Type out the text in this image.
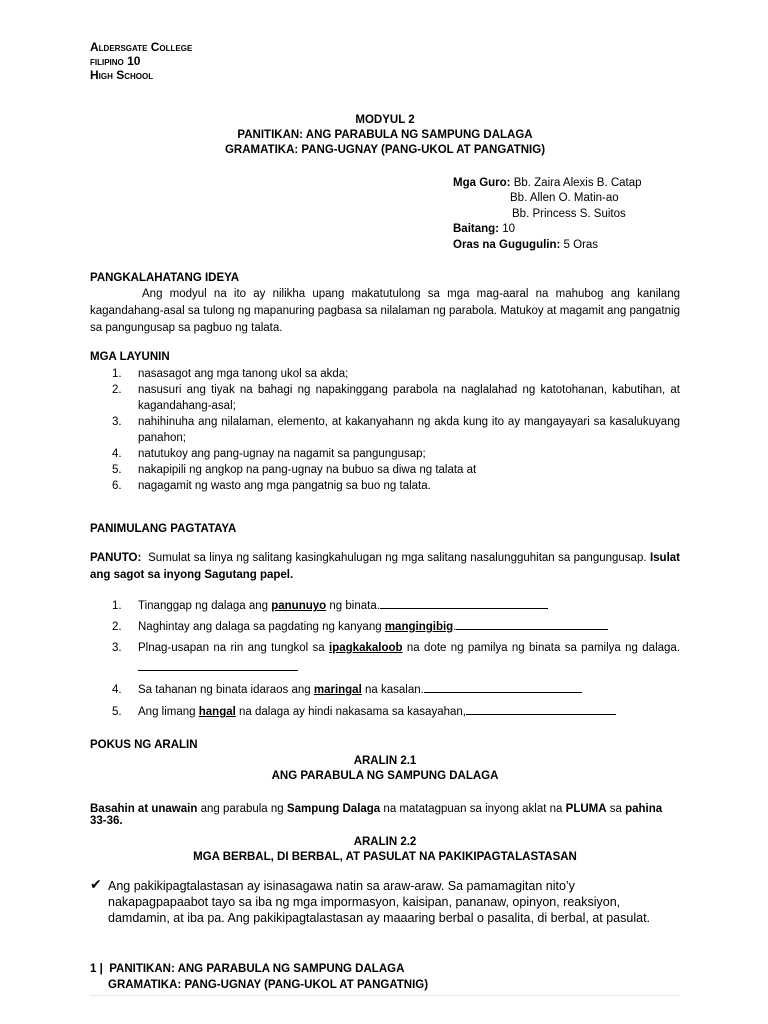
Aldersgate College
filipino 10
High School
MODYUL 2
PANITIKAN: ANG PARABULA NG SAMPUNG DALAGA
GRAMATIKA: PANG-UGNAY (PANG-UKOL AT PANGATNIG)
Mga Guro: Bb. Zaira Alexis B. Catap
Bb. Allen O. Matin-ao
Bb. Princess S. Suitos
Baitang: 10
Oras na Gugugulin: 5 Oras
PANGKALAHATANG IDEYA
Ang modyul na ito ay nilikha upang makatutulong sa mga mag-aaral na mahubog ang kanilang kagandahang-asal sa tulong ng mapanuring pagbasa sa nilalaman ng parabola. Matukoy at magamit ang pangatnig sa pangungusap sa pagbuo ng talata.
MGA LAYUNIN
1.	nasasagot ang mga tanong ukol sa akda;
2.	nasusuri ang tiyak na bahagi ng napakinggang parabola na naglalahad ng katotohanan, kabutihan, at kagandahang-asal;
3.	nahihinuha ang nilalaman, elemento, at kakanyahann ng akda kung ito ay mangayayari sa kasalukuyang panahon;
4.	natutukoy ang pang-ugnay na nagamit sa pangungusap;
5.	nakapipili ng angkop na pang-ugnay na bubuo sa diwa ng talata at
6.	nagagamit ng wasto ang mga pangatnig sa buo ng talata.
PANIMULANG PAGTATAYA
PANUTO: Sumulat sa linya ng salitang kasingkahulugan ng mga salitang nasalungguhitan sa pangungusap. Isulat ang sagot sa inyong Sagutang papel.
1.	Tinanggap ng dalaga ang panunuyo ng binata.
2.	Naghintay ang dalaga sa pagdating ng kanyang mangingibig.
3.	Plnag-usapan na rin ang tungkol sa ipagkakaloob na dote ng pamilya ng binata sa pamilya ng dalaga.
4.	Sa tahanan ng binata idaraos ang maringal na kasalan.
5.	Ang limang hangal na dalaga ay hindi nakasama sa kasayahan,
POKUS NG ARALIN
ARALIN 2.1
ANG PARABULA NG SAMPUNG DALAGA
Basahin at unawain ang parabula ng Sampung Dalaga na matatagpuan sa inyong aklat na PLUMA sa pahina 33-36.
ARALIN 2.2
MGA BERBAL, DI BERBAL, AT PASULAT NA PAKIKIPAGTALASTASAN
✔ Ang pakikipagtalastasan ay isinasagawa natin sa araw-araw. Sa pamamagitan nito’y nakapagpapaabot tayo sa iba ng mga impormasyon, kaisipan, pananaw, opinyon, reaksiyon, damdamin, at iba pa. Ang pakikipagtalastasan ay maaaring berbal o pasalita, di berbal, at pasulat.
1 |  PANITIKAN: ANG PARABULA NG SAMPUNG DALAGA
GRAMATIKA: PANG-UGNAY (PANG-UKOL AT PANGATNIG)
